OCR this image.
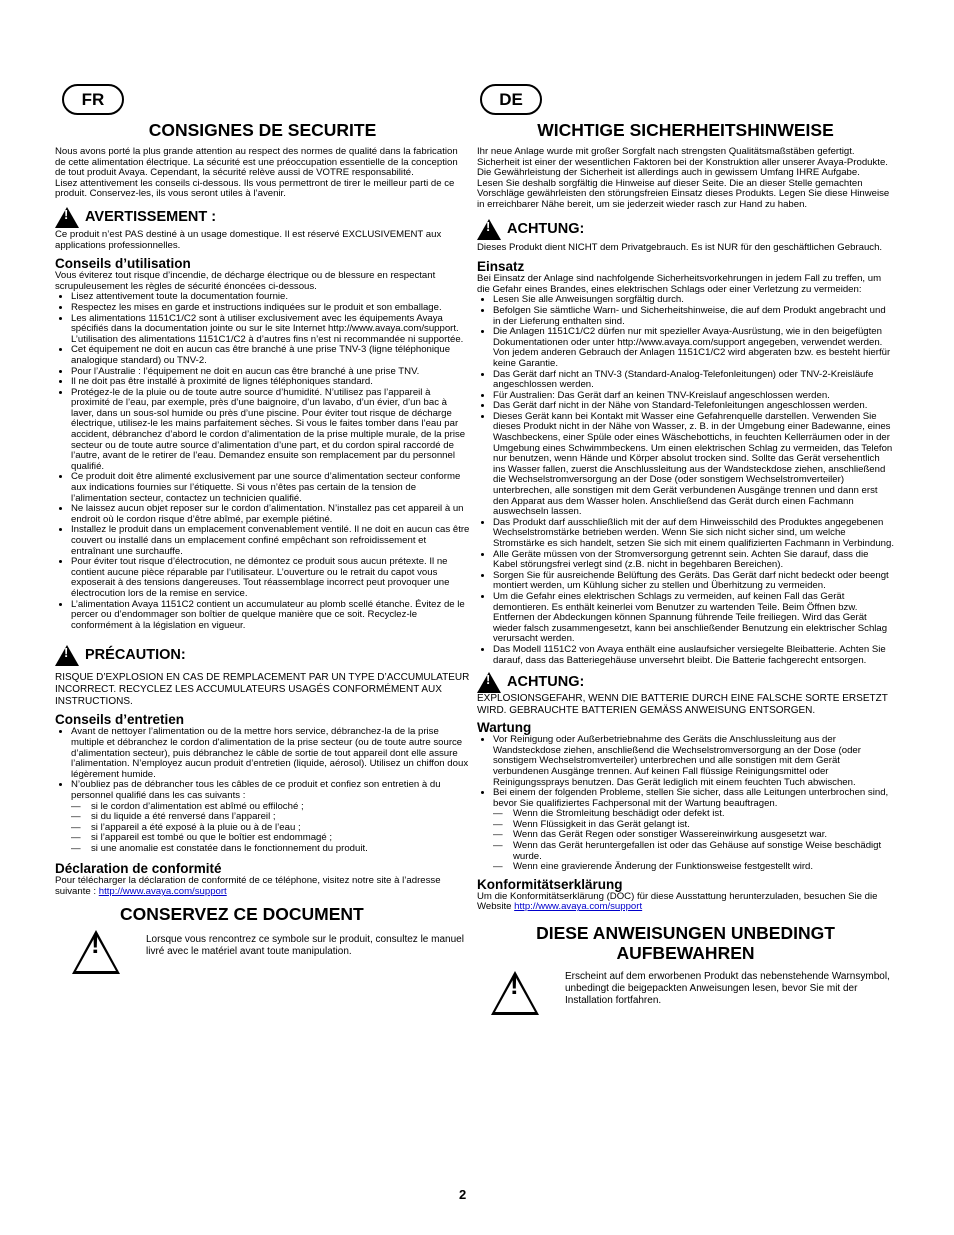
FR	DE
CONSIGNES DE SECURITE

Nous avons porté la plus grande attention au respect des normes de qualité dans la fabrication de cette alimentation électrique. La sécurité est une préoccupation essentielle de la conception de tout produit Avaya. Cependant, la sécurité relève aussi de VOTRE responsabilité.
Lisez attentivement les conseils ci-dessous. Ils vous permettront de tirer le meilleur parti de ce produit. Conservez-les, ils vous seront utiles à l’avenir.

!
AVERTISSEMENT :

Ce produit n’est PAS destiné à un usage domestique. Il est réservé EXCLUSIVEMENT aux applications professionnelles.

Conseils d’utilisation

Vous éviterez tout risque d’incendie, de décharge électrique ou de blessure en respectant scrupuleusement les règles de sécurité énoncées ci-dessous.

• Lisez attentivement toute la documentation fournie.
• Respectez les mises en garde et instructions indiquées sur le produit et son emballage.
• Les alimentations 1151C1/C2 sont à utiliser exclusivement avec les équipements Avaya spécifiés dans la documentation jointe ou sur le site Internet http://www.avaya.com/support. L’utilisation des alimentations 1151C1/C2 à d’autres fins n’est ni recommandée ni supportée.
• Cet équipement ne doit en aucun cas être branché à une prise TNV-3 (ligne téléphonique analogique standard) ou TNV-2.
• Pour l’Australie : l’équipement ne doit en aucun cas être branché à une prise TNV.
• Il ne doit pas être installé à proximité de lignes téléphoniques standard.
• Protégez-le de la pluie ou de toute autre source d’humidité. N’utilisez pas l’appareil à proximité de l’eau, par exemple, près d’une baignoire, d’un lavabo, d’un évier, d’un bac à laver, dans un sous-sol humide ou près d’une piscine. Pour éviter tout risque de décharge électrique, utilisez-le les mains parfaitement sèches. Si vous le faites tomber dans l’eau par accident, débranchez d’abord le cordon d’alimentation de la prise multiple murale, de la prise secteur ou de toute autre source d’alimentation d’une part, et du cordon spiral raccordé de l’autre, avant de le retirer de l’eau. Demandez ensuite son remplacement par du personnel qualifié.
• Ce produit doit être alimenté exclusivement par une source d’alimentation secteur conforme aux indications fournies sur l’étiquette. Si vous n’êtes pas certain de la tension de l’alimentation secteur, contactez un technicien qualifié.
• Ne laissez aucun objet reposer sur le cordon d’alimentation. N’installez pas cet appareil à un endroit où le cordon risque d’être abîmé, par exemple piétiné.
• Installez le produit dans un emplacement convenablement ventilé. Il ne doit en aucun cas être couvert ou installé dans un emplacement confiné empêchant son refroidissement et entraînant une surchauffe.
• Pour éviter tout risque d’électrocution, ne démontez ce produit sous aucun prétexte. Il ne contient aucune pièce réparable par l’utilisateur. L’ouverture ou le retrait du capot vous exposerait à des tensions dangereuses. Tout réassemblage incorrect peut provoquer une électrocution lors de la remise en service.
• L’alimentation Avaya 1151C2 contient un accumulateur au plomb scellé étanche. Évitez de le percer ou d’endommager son boîtier de quelque manière que ce soit. Recyclez-le conformément à la législation en vigueur.
!
PRÉCAUTION:

RISQUE D’EXPLOSION EN CAS DE REMPLACEMENT PAR UN TYPE D’ACCUMULATEUR INCORRECT. RECYCLEZ LES ACCUMULATEURS USAGÉS CONFORMÉMENT AUX INSTRUCTIONS.

Conseils d’entretien
• Avant de nettoyer l’alimentation ou de la mettre hors service, débranchez-la de la prise multiple et débranchez le cordon d'alimentation de la prise secteur (ou de toute autre source d’alimentation secteur), puis débranchez le câble de sortie de tout appareil dont elle assure l’alimentation. N’employez aucun produit d’entretien (liquide, aérosol). Utilisez un chiffon doux légèrement humide.
• N’oubliez pas de débrancher tous les câbles de ce produit et confiez son entretien à du personnel qualifié dans les cas suivants :
— si le cordon d’alimentation est abîmé ou effiloché ;
— si du liquide a été renversé dans l’appareil ;
— si l’appareil a été exposé à la pluie ou à de l’eau ;
— si l’appareil est tombé ou que le boîtier est endommagé ;
— si une anomalie est constatée dans le fonctionnement du produit.
Déclaration de conformité

Pour télécharger la déclaration de conformité de ce téléphone, visitez notre site à l’adresse suivante : http://www.avaya.com/support

CONSERVEZ CE DOCUMENT
!

Lorsque vous rencontrez ce symbole sur le produit, consultez le manuel livré avec le matériel avant toute manipulation.

WICHTIGE SICHERHEITSHINWEISE

Ihr neue Anlage wurde mit großer Sorgfalt nach strengsten Qualitätsmaßstäben gefertigt. Sicherheit ist einer der wesentlichen Faktoren bei der Konstruktion aller unserer Avaya-Produkte. Die Gewährleistung der Sicherheit ist allerdings auch in gewissem Umfang IHRE Aufgabe.
Lesen Sie deshalb sorgfältig die Hinweise auf dieser Seite. Die an dieser Stelle gemachten Vorschläge gewährleisten den störungsfreien Einsatz dieses Produkts. Legen Sie diese Hinweise in erreichbarer Nähe bereit, um sie jederzeit wieder rasch zur Hand zu haben.

!
ACHTUNG:

Dieses Produkt dient NICHT dem Privatgebrauch. Es ist NUR für den geschäftlichen Gebrauch.

Einsatz

Bei Einsatz der Anlage sind nachfolgende Sicherheitsvorkehrungen in jedem Fall zu treffen, um die Gefahr eines Brandes, eines elektrischen Schlags oder einer Verletzung zu vermeiden:

• Lesen Sie alle Anweisungen sorgfältig durch.
• Befolgen Sie sämtliche Warn- und Sicherheitshinweise, die auf dem Produkt angebracht und in der Lieferung enthalten sind.
• Die Anlagen 1151C1/C2 dürfen nur mit spezieller Avaya-Ausrüstung, wie in den beigefügten Dokumentationen oder unter http://www.avaya.com/support angegeben, verwendet werden. Von jedem anderen Gebrauch der Anlagen 1151C1/C2 wird abgeraten bzw. es besteht hierfür keine Garantie.
• Das Gerät darf nicht an TNV-3 (Standard-Analog-Telefonleitungen) oder TNV-2-Kreisläufe angeschlossen werden.
• Für Australien: Das Gerät darf an keinen TNV-Kreislauf angeschlossen werden.
• Das Gerät darf nicht in der Nähe von Standard-Telefonleitungen angeschlossen werden.
• Dieses Gerät kann bei Kontakt mit Wasser eine Gefahrenquelle darstellen. Verwenden Sie dieses Produkt nicht in der Nähe von Wasser, z. B. in der Umgebung einer Badewanne, eines Waschbeckens, einer Spüle oder eines Wäschebottichs, in feuchten Kellerräumen oder in der Umgebung eines Schwimmbeckens. Um einen elektrischen Schlag zu vermeiden, das Telefon nur benutzen, wenn Hände und Körper absolut trocken sind. Sollte das Gerät versehentlich ins Wasser fallen, zuerst die Anschlussleitung aus der Wandsteckdose ziehen, anschließend die Wechselstromversorgung an der Dose (oder sonstigem Wechselstromverteiler) unterbrechen, alle sonstigen mit dem Gerät verbundenen Ausgänge trennen und dann erst den Apparat aus dem Wasser holen. Anschließend das Gerät durch einen Fachmann auswechseln lassen.
• Das Produkt darf ausschließlich mit der auf dem Hinweisschild des Produktes angegebenen Wechselstromstärke betrieben werden. Wenn Sie sich nicht sicher sind, um welche Stromstärke es sich handelt, setzen Sie sich mit einem qualifizierten Fachmann in Verbindung.
• Alle Geräte müssen von der Stromversorgung getrennt sein. Achten Sie darauf, dass die Kabel störungsfrei verlegt sind (z.B. nicht in begehbaren Bereichen).
• Sorgen Sie für ausreichende Belüftung des Geräts. Das Gerät darf nicht bedeckt oder beengt montiert werden, um Kühlung sicher zu stellen und Überhitzung zu vermeiden.
• Um die Gefahr eines elektrischen Schlags zu vermeiden, auf keinen Fall das Gerät demontieren. Es enthält keinerlei vom Benutzer zu wartenden Teile. Beim Öffnen bzw. Entfernen der Abdeckungen können Spannung führende Teile freiliegen. Wird das Gerät wieder falsch zusammengesetzt, kann bei anschließender Benutzung ein elektrischer Schlag verursacht werden.
• Das Modell 1151C2 von Avaya enthält eine auslaufsicher versiegelte Bleibatterie. Achten Sie darauf, dass das Batteriegehäuse unversehrt bleibt. Die Batterie fachgerecht entsorgen.
!
ACHTUNG:

EXPLOSIONSGEFAHR, WENN DIE BATTERIE DURCH EINE FALSCHE SORTE ERSETZT WIRD. GEBRAUCHTE BATTERIEN GEMÄSS ANWEISUNG ENTSORGEN.

Wartung
• Vor Reinigung oder Außerbetriebnahme des Geräts die Anschlussleitung aus der Wandsteckdose ziehen, anschließend die Wechselstromversorgung an der Dose (oder sonstigem Wechselstromverteiler) unterbrechen und alle sonstigen mit dem Gerät verbundenen Ausgänge trennen. Auf keinen Fall flüssige Reinigungsmittel oder Reinigungssprays benutzen. Das Gerät lediglich mit einem feuchten Tuch abwischen.
• Bei einem der folgenden Probleme, stellen Sie sicher, dass alle Leitungen unterbrochen sind, bevor Sie qualifiziertes Fachpersonal mit der Wartung beauftragen.
— Wenn die Stromleitung beschädigt oder defekt ist.
— Wenn Flüssigkeit in das Gerät gelangt ist.
— Wenn das Gerät Regen oder sonstiger Wassereinwirkung ausgesetzt war.
— Wenn das Gerät heruntergefallen ist oder das Gehäuse auf sonstige Weise beschädigt wurde.
— Wenn eine gravierende Änderung der Funktionsweise festgestellt wird.
Konformitätserklärung

Um die Konformitätserklärung (DOC) für diese Ausstattung herunterzuladen, besuchen Sie die Website http://www.avaya.com/support

DIESE ANWEISUNGEN UNBEDINGT AUFBEWAHREN
!

Erscheint auf dem erworbenen Produkt das nebenstehende Warnsymbol, unbedingt die beigepackten Anweisungen lesen, bevor Sie mit der Installation fortfahren.

2
